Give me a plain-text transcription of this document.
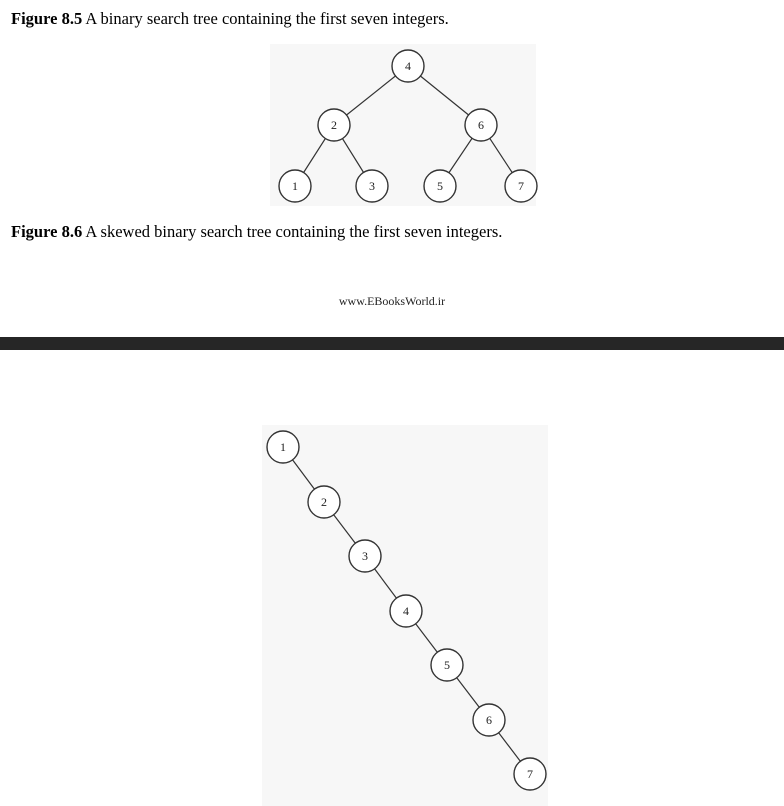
Figure 8.5 A binary search tree containing the first seven integers.

4
2	6
1	3	5	7

Figure 8.6 A skewed binary search tree containing the first seven integers.

www.EBooksWorld.ir

1
2
3
4
5
6
7
